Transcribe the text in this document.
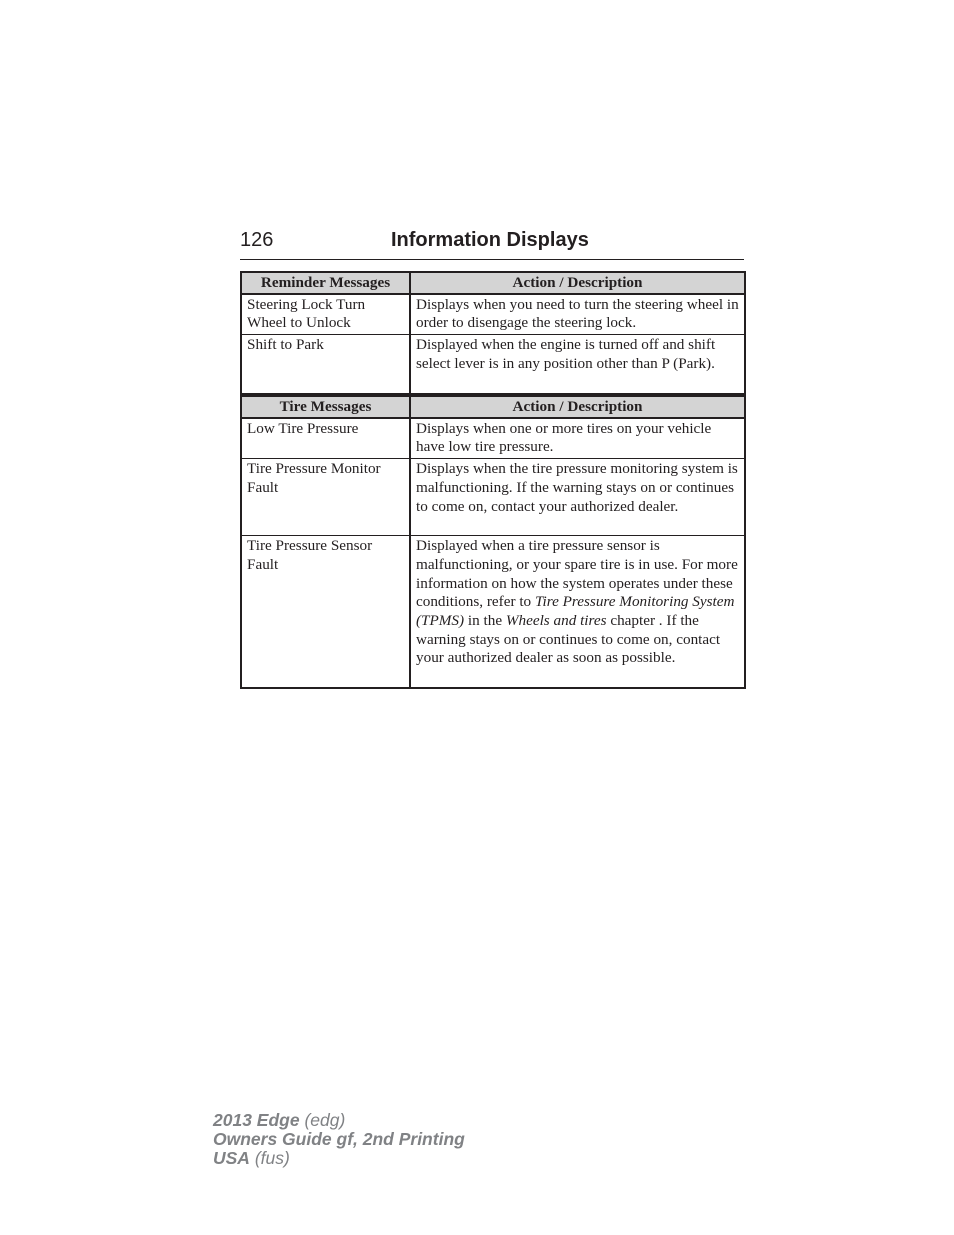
126	Information Displays
Reminder Messages	Action / Description
Steering Lock Turn Wheel to Unlock	Displays when you need to turn the steering wheel in order to disengage the steering lock.
Shift to Park	Displayed when the engine is turned off and shift select lever is in any position other than P (Park).
Tire Messages	Action / Description
Low Tire Pressure	Displays when one or more tires on your vehicle have low tire pressure.
Tire Pressure Monitor Fault	Displays when the tire pressure monitoring system is malfunctioning. If the warning stays on or continues to come on, contact your authorized dealer.
Tire Pressure Sensor Fault	Displayed when a tire pressure sensor is malfunctioning, or your spare tire is in use. For more information on how the system operates under these conditions, refer to Tire Pressure Monitoring System (TPMS) in the Wheels and tires chapter . If the warning stays on or continues to come on, contact your authorized dealer as soon as possible.
2013 Edge (edg)
Owners Guide gf, 2nd Printing
USA (fus)
